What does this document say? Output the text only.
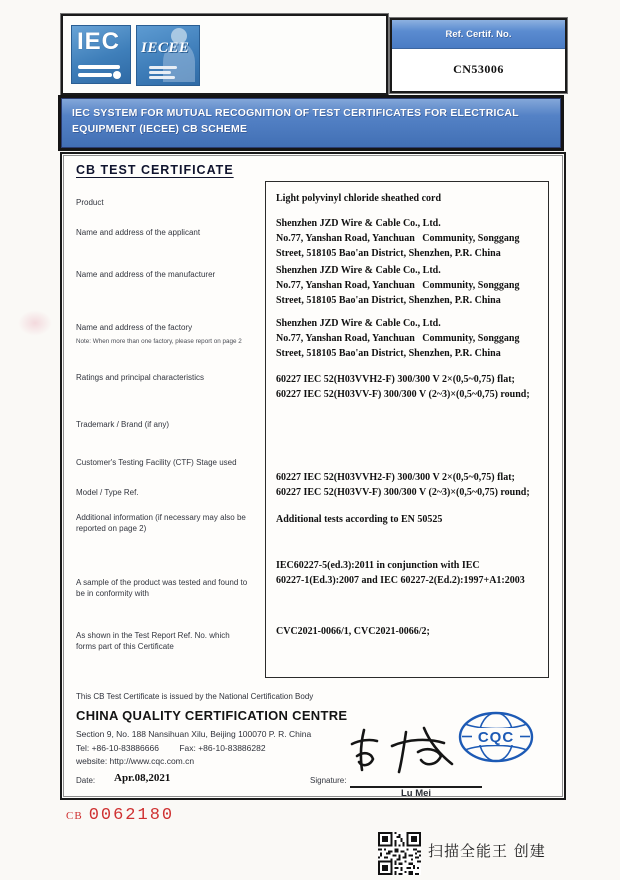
IEC IECEE
Ref. Certif. No.
CN53006
IEC SYSTEM FOR MUTUAL RECOGNITION OF TEST CERTIFICATES FOR ELECTRICAL EQUIPMENT (IECEE) CB SCHEME
CB TEST CERTIFICATE
Product
Name and address of the applicant
Name and address of the manufacturer
Name and address of the factory
Note: When more than one factory, please report on page 2
Ratings and principal characteristics
Trademark / Brand (if any)
Customer's Testing Facility (CTF) Stage used
Model / Type Ref.
Additional information (if necessary may also be reported on page 2)
A sample of the product was tested and found to be in conformity with
As shown in the Test Report Ref. No. which forms part of this Certificate
Light polyvinyl chloride sheathed cord
Shenzhen JZD Wire & Cable Co., Ltd.
No.77, Yanshan Road, Yanchuan   Community, Songgang
Street, 518105 Bao'an District, Shenzhen, P.R. China
Shenzhen JZD Wire & Cable Co., Ltd.
No.77, Yanshan Road, Yanchuan   Community, Songgang
Street, 518105 Bao'an District, Shenzhen, P.R. China
Shenzhen JZD Wire & Cable Co., Ltd.
No.77, Yanshan Road, Yanchuan   Community, Songgang
Street, 518105 Bao'an District, Shenzhen, P.R. China
60227 IEC 52(H03VVH2-F) 300/300 V 2×(0,5~0,75) flat;
60227 IEC 52(H03VV-F) 300/300 V (2~3)×(0,5~0,75) round;
60227 IEC 52(H03VVH2-F) 300/300 V 2×(0,5~0,75) flat;
60227 IEC 52(H03VV-F) 300/300 V (2~3)×(0,5~0,75) round;
Additional tests according to EN 50525
IEC60227-5(ed.3):2011 in conjunction with IEC
60227-1(Ed.3):2007 and IEC 60227-2(Ed.2):1997+A1:2003
CVC2021-0066/1, CVC2021-0066/2;
This CB Test Certificate is issued by the National Certification Body
CHINA QUALITY CERTIFICATION CENTRE
Section 9, No. 188 Nansihuan Xilu, Beijing 100070 P. R. China
Tel: +86-10-83886666 Fax: +86-10-83886282
website: http://www.cqc.com.cn
Date: Apr.08,2021	Signature:
Lu Mei
CQC
CB 0062180
扫描全能王 创建
